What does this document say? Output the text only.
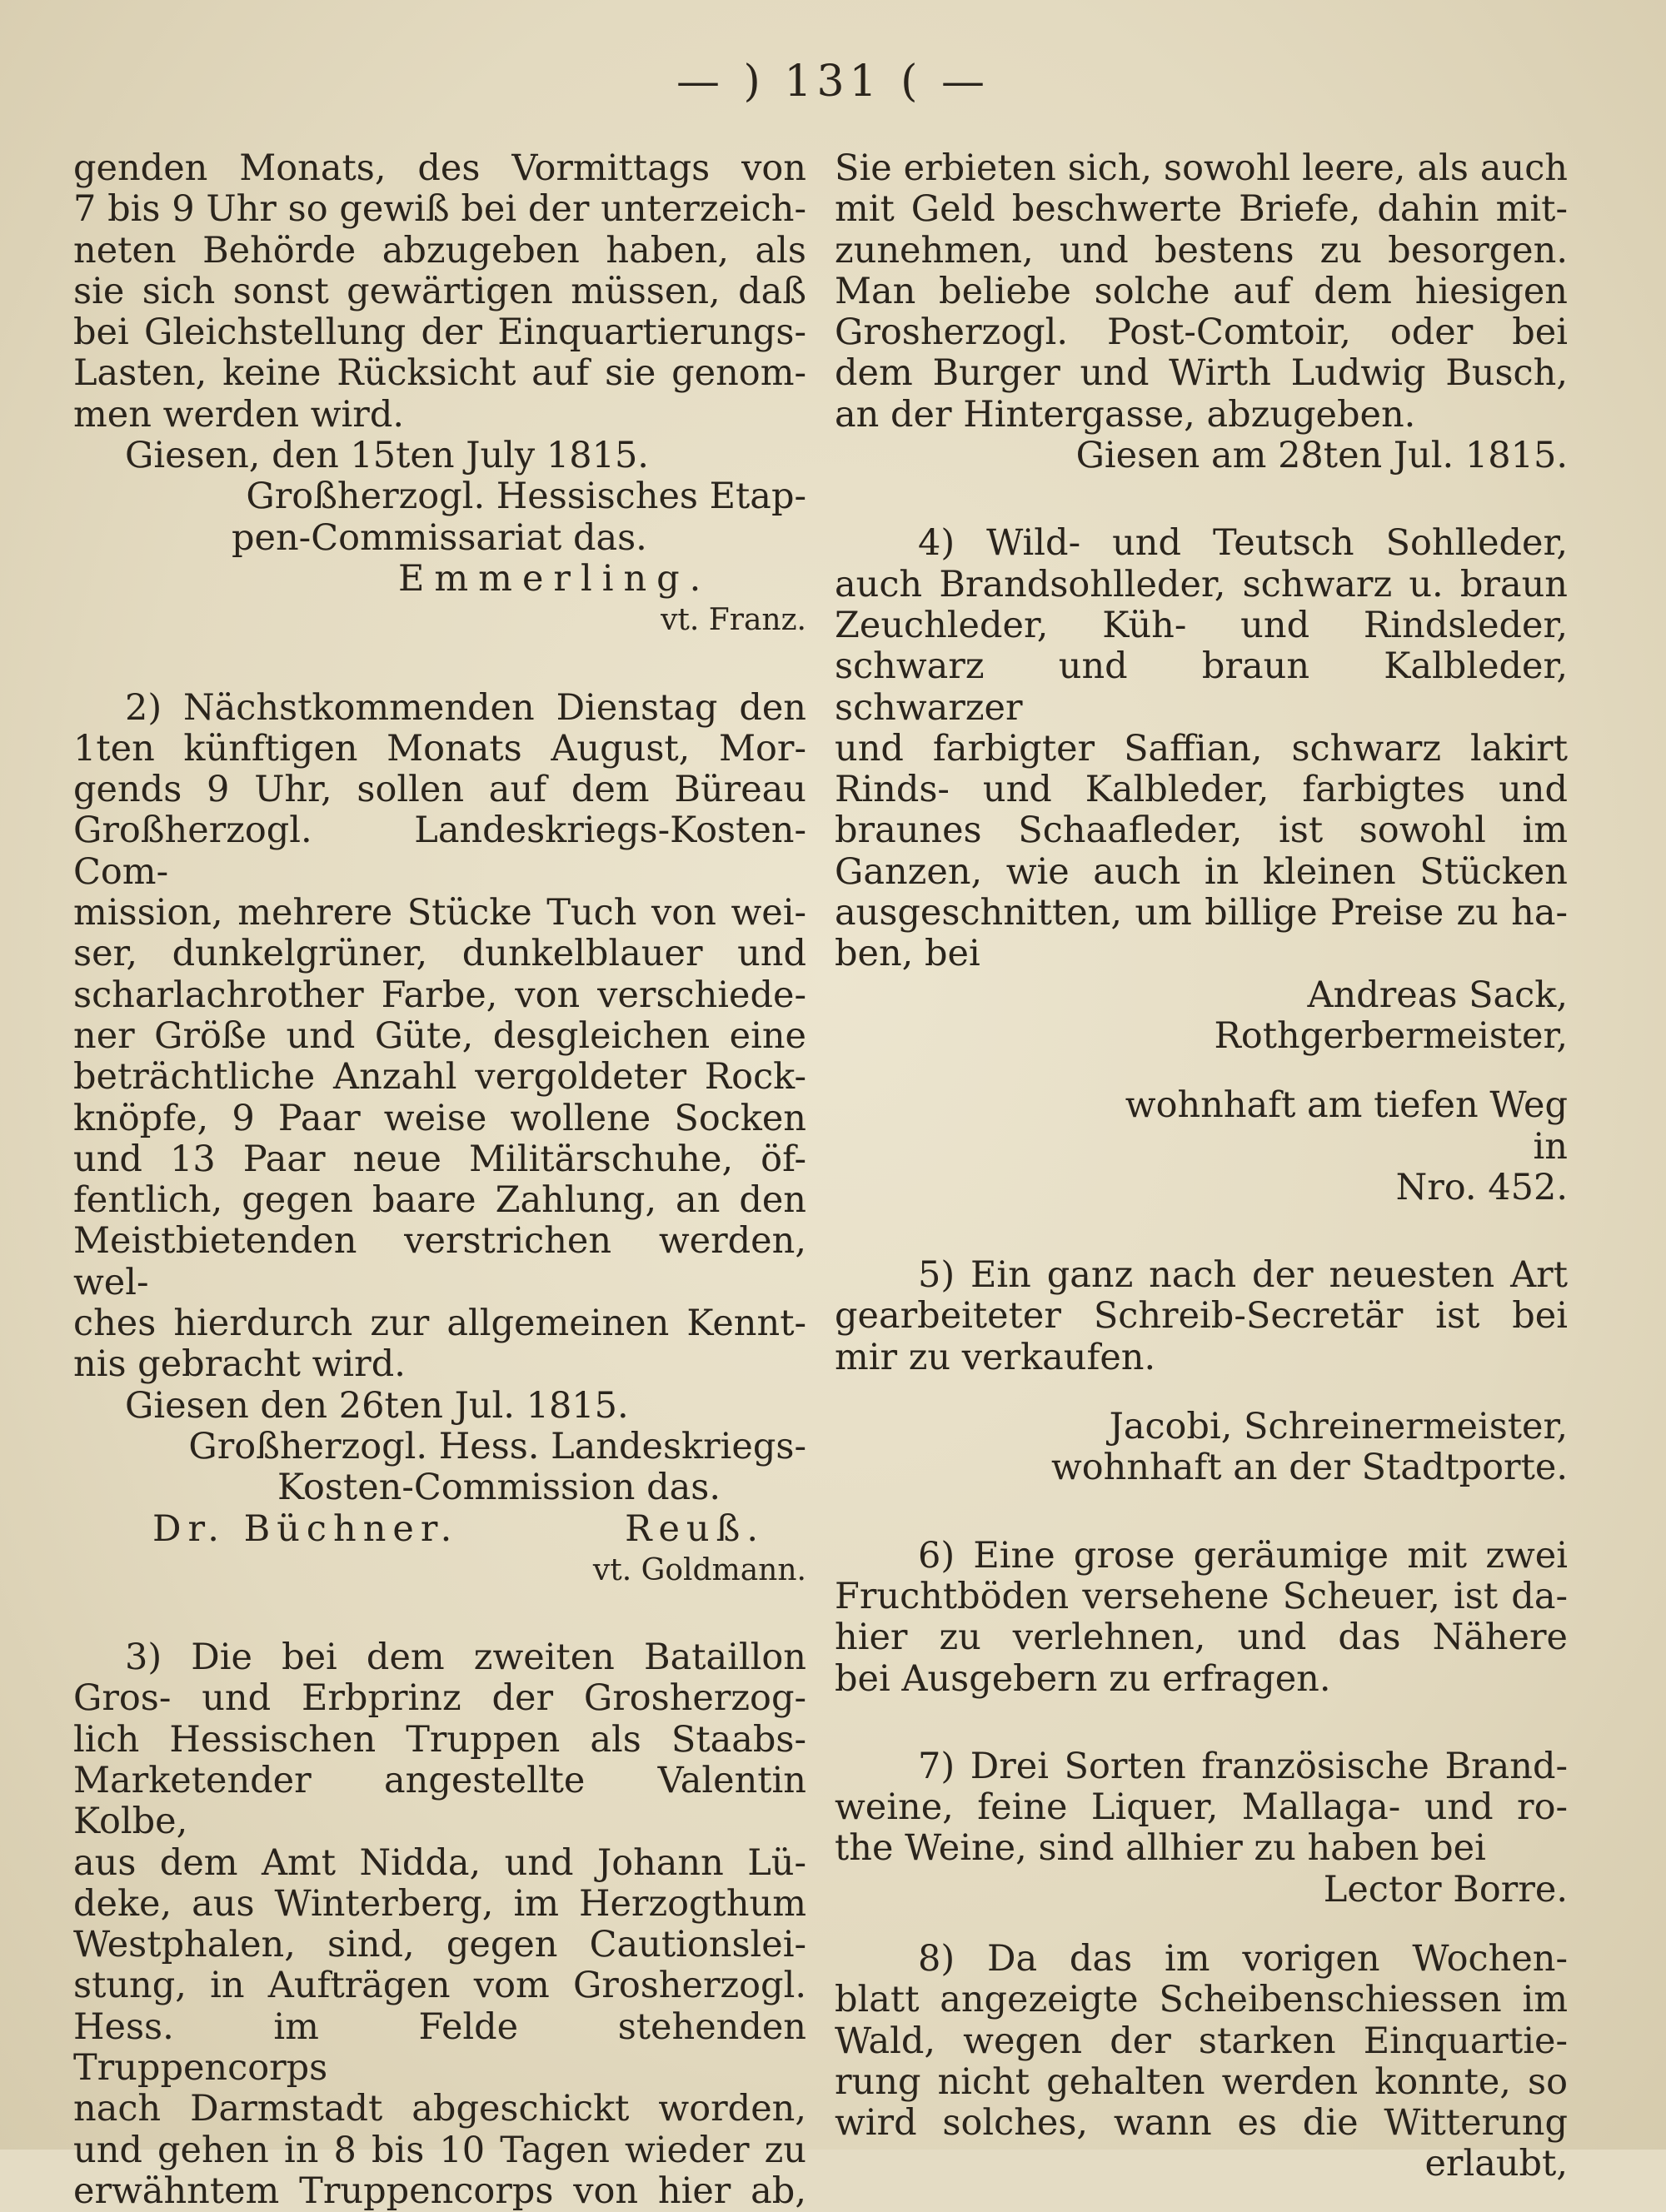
— ) 131 ( —

genden Monats, des Vormittags von

7 bis 9 Uhr so gewiß bei der unterzeich-

neten Behörde abzugeben haben, als

sie sich sonst gewärtigen müssen, daß

bei Gleichstellung der Einquartierungs-

Lasten, keine Rücksicht auf sie genom-

men werden wird.

Giesen, den 15ten July 1815.

Großherzogl. Hessisches Etap-

pen-Commissariat das.

Emmerling.

vt. Franz.

2) Nächstkommenden Dienstag den

1ten künftigen Monats August, Mor-

gends 9 Uhr, sollen auf dem Büreau

Großherzogl. Landeskriegs-Kosten-Com-

mission, mehrere Stücke Tuch von wei-

ser, dunkelgrüner, dunkelblauer und

scharlachrother Farbe, von verschiede-

ner Größe und Güte, desgleichen eine

beträchtliche Anzahl vergoldeter Rock-

knöpfe, 9 Paar weise wollene Socken

und 13 Paar neue Militärschuhe, öf-

fentlich, gegen baare Zahlung, an den

Meistbietenden verstrichen werden, wel-

ches hierdurch zur allgemeinen Kennt-

nis gebracht wird.

Giesen den 26ten Jul. 1815.

Großherzogl. Hess. Landeskriegs-

Kosten-Commission das.

Dr. Büchner.	Reuß.

vt. Goldmann.

3) Die bei dem zweiten Bataillon

Gros- und Erbprinz der Grosherzog-

lich Hessischen Truppen als Staabs-

Marketender angestellte Valentin Kolbe,

aus dem Amt Nidda, und Johann Lü-

deke, aus Winterberg, im Herzogthum

Westphalen, sind, gegen Cautionslei-

stung, in Aufträgen vom Grosherzogl.

Hess. im Felde stehenden Truppencorps

nach Darmstadt abgeschickt worden,

und gehen in 8 bis 10 Tagen wieder zu

erwähntem Truppencorps von hier ab,

Sie erbieten sich, sowohl leere, als auch

mit Geld beschwerte Briefe, dahin mit-

zunehmen, und bestens zu besorgen.

Man beliebe solche auf dem hiesigen

Grosherzogl. Post-Comtoir, oder bei

dem Burger und Wirth Ludwig Busch,

an der Hintergasse, abzugeben.

Giesen am 28ten Jul. 1815.

4) Wild- und Teutsch Sohlleder,

auch Brandsohlleder, schwarz u. braun

Zeuchleder, Küh- und Rindsleder,

schwarz und braun Kalbleder, schwarzer

und farbigter Saffian, schwarz lakirt

Rinds- und Kalbleder, farbigtes und

braunes Schaafleder, ist sowohl im

Ganzen, wie auch in kleinen Stücken

ausgeschnitten, um billige Preise zu ha-

ben, bei

Andreas Sack,

Rothgerbermeister,

wohnhaft am tiefen Weg in

Nro. 452.

5) Ein ganz nach der neuesten Art

gearbeiteter Schreib-Secretär ist bei

mir zu verkaufen.

Jacobi, Schreinermeister,

wohnhaft an der Stadtporte.

6) Eine grose geräumige mit zwei

Fruchtböden versehene Scheuer, ist da-

hier zu verlehnen, und das Nähere

bei Ausgebern zu erfragen.

7) Drei Sorten französische Brand-

weine, feine Liquer, Mallaga- und ro-

the Weine, sind allhier zu haben bei

Lector Borre.

8) Da das im vorigen Wochen-

blatt angezeigte Scheibenschiessen im

Wald, wegen der starken Einquartie-

rung nicht gehalten werden konnte, so

wird solches, wann es die Witterung

erlaubt,
